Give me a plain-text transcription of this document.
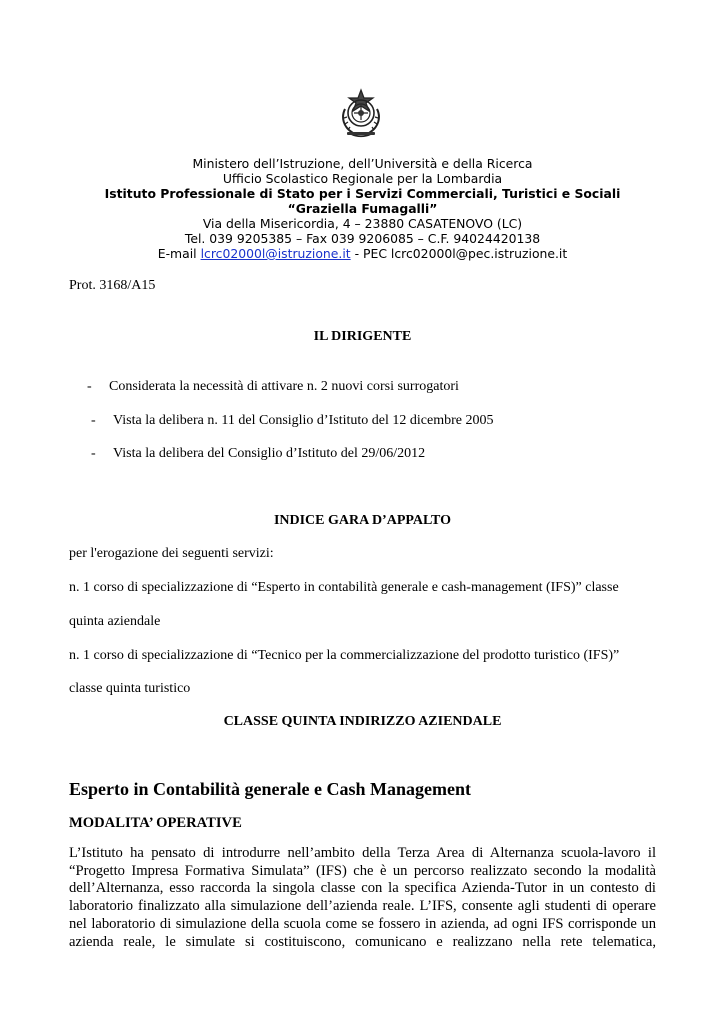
Ministero dell’Istruzione, dell’Università e della Ricerca
Ufficio Scolastico Regionale per la Lombardia
Istituto Professionale di Stato per i Servizi Commerciali, Turistici e Sociali
“Graziella Fumagalli”
Via della Misericordia, 4 – 23880 CASATENOVO (LC)
Tel. 039 9205385 – Fax 039 9206085 – C.F. 94024420138
E-mail lcrc02000l@istruzione.it - PEC lcrc02000l@pec.istruzione.it
Prot. 3168/A15
IL DIRIGENTE
- Considerata la necessità di attivare n. 2 nuovi corsi surrogatori
- Vista la delibera n. 11 del Consiglio d’Istituto del 12 dicembre 2005
- Vista la delibera del Consiglio d’Istituto del 29/06/2012
INDICE GARA D’APPALTO
per l'erogazione dei seguenti servizi:
n. 1 corso di specializzazione di “Esperto in contabilità generale e cash-management (IFS)” classe
quinta aziendale
n. 1 corso di specializzazione di “Tecnico per la commercializzazione del prodotto turistico (IFS)”
classe quinta turistico
CLASSE QUINTA INDIRIZZO AZIENDALE
Esperto in Contabilità generale e Cash Management
MODALITA’ OPERATIVE
L’Istituto ha pensato di introdurre nell’ambito della Terza Area di Alternanza scuola-lavoro il
“Progetto Impresa Formativa Simulata” (IFS) che è un percorso realizzato secondo la modalità
dell’Alternanza, esso raccorda la singola classe con la specifica Azienda-Tutor in un contesto di
laboratorio finalizzato alla simulazione dell’azienda reale. L’IFS, consente agli studenti di operare
nel laboratorio di simulazione della scuola come se fossero in azienda, ad ogni IFS corrisponde un
azienda reale, le simulate si costituiscono, comunicano e realizzano nella rete telematica,
